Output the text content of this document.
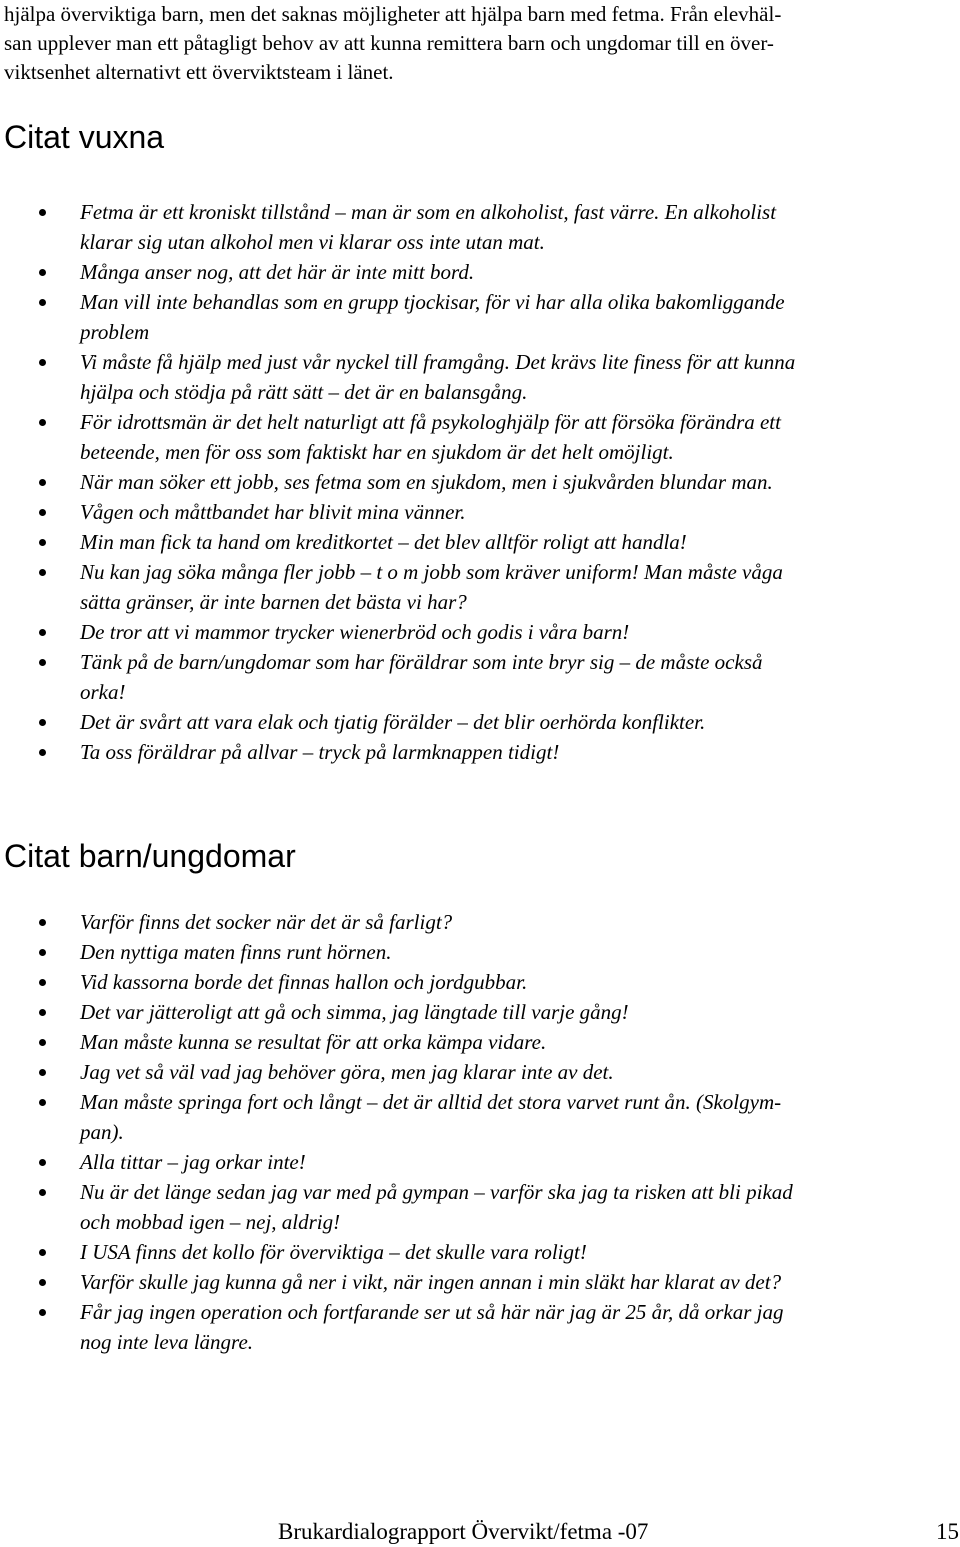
hjälpa överviktiga barn, men det saknas möjligheter att hjälpa barn med fetma. Från elevhäl-
san upplever man ett påtagligt behov av att kunna remittera barn och ungdomar till en över-
viktsenhet alternativt ett överviktsteam i länet.
Citat vuxna
Fetma är ett kroniskt tillstånd – man är som en alkoholist, fast värre. En alkoholist
klarar sig utan alkohol men vi klarar oss inte utan mat.
Många anser nog, att det här är inte mitt bord.
Man vill inte behandlas som en grupp tjockisar, för vi har alla olika bakomliggande
problem
Vi måste få hjälp med just vår nyckel till framgång. Det krävs lite finess för att kunna
hjälpa och stödja på rätt sätt – det är en balansgång.
För idrottsmän är det helt naturligt att få psykologhjälp för att försöka förändra ett
beteende, men för oss som faktiskt har en sjukdom är det helt omöjligt.
När man söker ett jobb, ses fetma som en sjukdom, men i sjukvården blundar man.
Vågen och måttbandet har blivit mina vänner.
Min man fick ta hand om kreditkortet – det blev alltför roligt att handla!
Nu kan jag söka många fler jobb – t o m jobb som kräver uniform! Man måste våga
sätta gränser, är inte barnen det bästa vi har?
De tror att vi mammor trycker wienerbröd och godis i våra barn!
Tänk på de barn/ungdomar som har föräldrar som inte bryr sig – de måste också
orka!
Det är svårt att vara elak och tjatig förälder – det blir oerhörda konflikter.
Ta oss föräldrar på allvar – tryck på larmknappen tidigt!
Citat barn/ungdomar
Varför finns det socker när det är så farligt?
Den nyttiga maten finns runt hörnen.
Vid kassorna borde det finnas hallon och jordgubbar.
Det var jätteroligt att gå och simma, jag längtade till varje gång!
Man måste kunna se resultat för att orka kämpa vidare.
Jag vet så väl vad jag behöver göra, men jag klarar inte av det.
Man måste springa fort och långt – det är alltid det stora varvet runt ån. (Skolgym-
pan).
Alla tittar – jag orkar inte!
Nu är det länge sedan jag var med på gympan – varför ska jag ta risken att bli pikad
och mobbad igen – nej, aldrig!
I USA finns det kollo för överviktiga – det skulle vara roligt!
Varför skulle jag kunna gå ner i vikt, när ingen annan i min släkt har klarat av det?
Får jag ingen operation och fortfarande ser ut så här när jag är 25 år, då orkar jag
nog inte leva längre.
Brukardialograpport Övervikt/fetma -07	15
